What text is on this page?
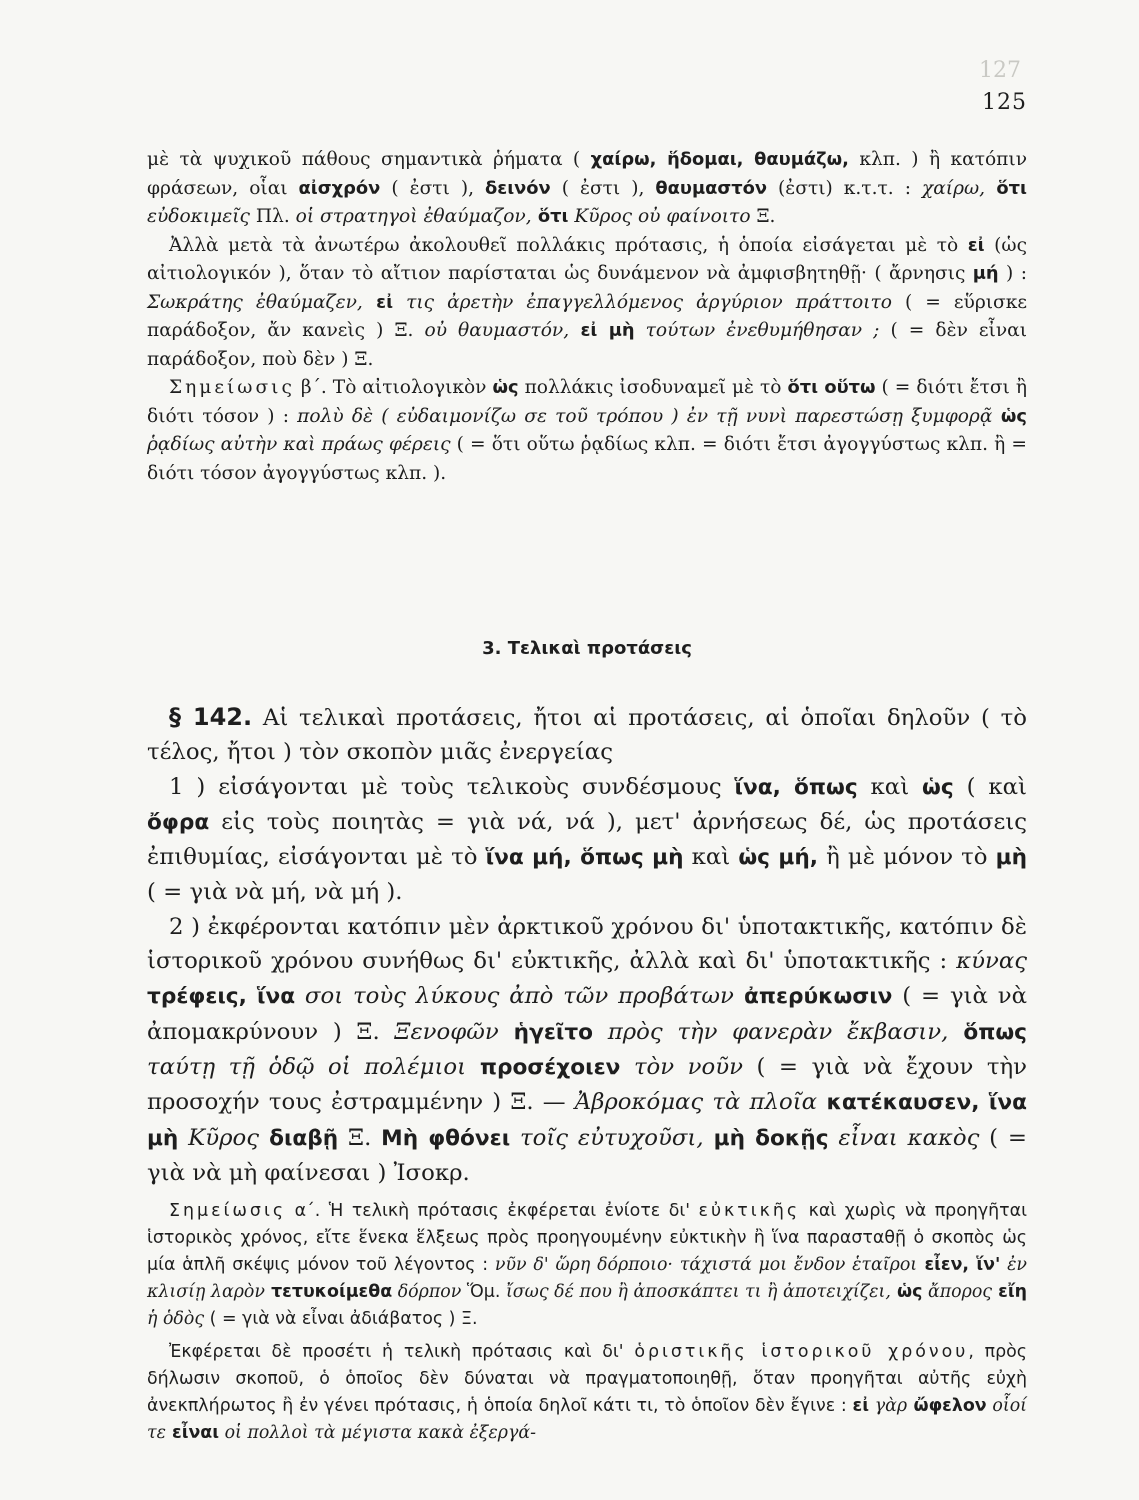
127
125

μὲ τὰ ψυχικοῦ πάθους σημαντικὰ ῥήματα ( χαίρω, ἥδομαι, θαυμάζω, κλπ. ) ἢ κατόπιν φράσεων, οἷαι αἰσχρόν ( ἐστι ), δεινόν ( ἐστι ), θαυμαστόν (ἐστι) κ.τ.τ. : χαίρω, ὅτι εὐδοκιμεῖς Πλ. οἱ στρατηγοὶ ἐθαύμαζον, ὅτι Κῦρος οὐ φαίνοιτο Ξ.

Ἀλλὰ μετὰ τὰ ἀνωτέρω ἀκολουθεῖ πολλάκις πρότασις, ἡ ὁποία εἰσάγεται μὲ τὸ εἰ (ὡς αἰτιολογικόν ), ὅταν τὸ αἴτιον παρίσταται ὡς δυνάμενον νὰ ἀμφισβητηθῇ· ( ἄρνησις μή ) : Σωκράτης ἐθαύμαζεν, εἰ τις ἀρετὴν ἐπαγγελλόμενος ἀργύριον πράττοιτο ( = εὕρισκε παράδοξον, ἄν κανεὶς ) Ξ. οὐ θαυμαστόν, εἰ μὴ τούτων ἐνεθυμήθησαν ; ( = δὲν εἶναι παράδοξον, ποὺ δὲν ) Ξ.

Σημείωσις β΄. Τὸ αἰτιολογικὸν ὡς πολλάκις ἰσοδυναμεῖ μὲ τὸ ὅτι οὕτω ( = διότι ἔτσι ἢ διότι τόσον ) : πολὺ δὲ ( εὐδαιμονίζω σε τοῦ τρόπου ) ἐν τῇ νυνὶ παρεστώσῃ ξυμφορᾷ ὡς ῥᾳδίως αὐτὴν καὶ πράως φέρεις ( = ὅτι οὕτω ῥᾳδίως κλπ. = διότι ἔτσι ἀγογγύστως κλπ. ἢ = διότι τόσον ἀγογγύστως κλπ. ).

3. Τελικαὶ προτάσεις

§ 142. Αἱ τελικαὶ προτάσεις, ἤτοι αἱ προτάσεις, αἱ ὁποῖαι δηλοῦν ( τὸ τέλος, ἤτοι ) τὸν σκοπὸν μιᾶς ἐνεργείας

1 ) εἰσάγονται μὲ τοὺς τελικοὺς συνδέσμους ἵνα, ὅπως καὶ ὡς ( καὶ ὄφρα εἰς τοὺς ποιητὰς = γιὰ νά, νά ), μετ' ἀρνήσεως δέ, ὡς προτάσεις ἐπιθυμίας, εἰσάγονται μὲ τὸ ἵνα μή, ὅπως μὴ καὶ ὡς μή, ἢ μὲ μόνον τὸ μὴ ( = γιὰ νὰ μή, νὰ μή ).

2 ) ἐκφέρονται κατόπιν μὲν ἀρκτικοῦ χρόνου δι' ὑποτακτικῆς, κατόπιν δὲ ἱστορικοῦ χρόνου συνήθως δι' εὐκτικῆς, ἀλλὰ καὶ δι' ὑποτακτικῆς : κύνας τρέφεις, ἵνα σοι τοὺς λύκους ἀπὸ τῶν προβάτων ἀπερύκωσιν ( = γιὰ νὰ ἀπομακρύνουν ) Ξ. Ξενοφῶν ἡγεῖτο πρὸς τὴν φανερὰν ἔκβασιν, ὅπως ταύτῃ τῇ ὁδῷ οἱ πολέμιοι προσέχοιεν τὸν νοῦν ( = γιὰ νὰ ἔχουν τὴν προσοχήν τους ἐστραμμένην ) Ξ. — Ἀβροκόμας τὰ πλοῖα κατέκαυσεν, ἵνα μὴ Κῦρος διαβῇ Ξ. Μὴ φθόνει τοῖς εὐτυχοῦσι, μὴ δοκῇς εἶναι κακὸς ( = γιὰ νὰ μὴ φαίνεσαι ) Ἰσοκρ.

Σημείωσις α΄. Ἡ τελικὴ πρότασις ἐκφέρεται ἐνίοτε δι' εὐκτικῆς καὶ χωρὶς νὰ προηγῆται ἱστορικὸς χρόνος, εἴτε ἕνεκα ἕλξεως πρὸς προηγουμένην εὐκτικὴν ἢ ἵνα παρασταθῇ ὁ σκοπὸς ὡς μία ἁπλῆ σκέψις μόνον τοῦ λέγοντος : νῦν δ' ὥρη δόρποιο· τάχιστά μοι ἔνδον ἑταῖροι εἶεν, ἵν' ἐν κλισίῃ λαρὸν τετυκοίμεθα δόρπον Ὅμ. ἴσως δέ που ἢ ἀποσκάπτει τι ἢ ἀποτειχίζει, ὡς ἄπορος εἴη ἡ ὁδὸς ( = γιὰ νὰ εἶναι ἀδιάβατος ) Ξ.

Ἐκφέρεται δὲ προσέτι ἡ τελικὴ πρότασις καὶ δι' ὁριστικῆς ἱστορικοῦ χρόνου, πρὸς δήλωσιν σκοποῦ, ὁ ὁποῖος δὲν δύναται νὰ πραγματοποιηθῇ, ὅταν προηγῆται αὐτῆς εὐχὴ ἀνεκπλήρωτος ἢ ἐν γένει πρότασις, ἡ ὁποία δηλοῖ κάτι τι, τὸ ὁποῖον δὲν ἔγινε : εἰ γὰρ ὤφελον οἷοί τε εἶναι οἱ πολλοὶ τὰ μέγιστα κακὰ ἐξεργά-
